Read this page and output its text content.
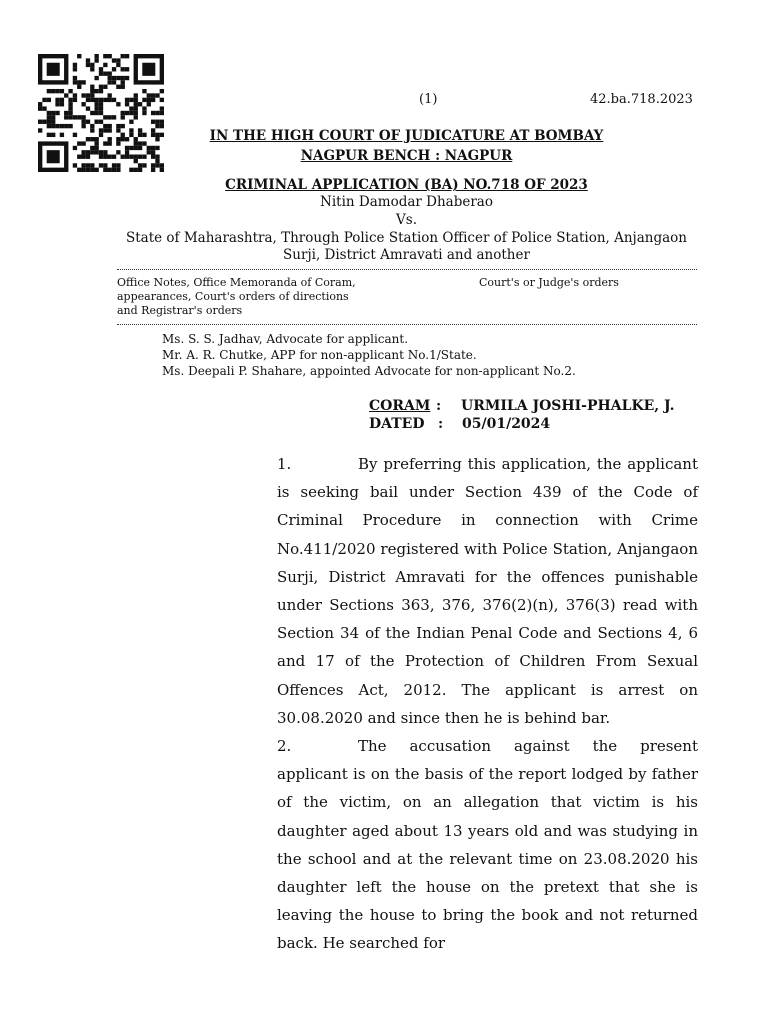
(1)	42.ba.718.2023
IN THE HIGH COURT OF JUDICATURE AT BOMBAY
NAGPUR BENCH : NAGPUR
CRIMINAL APPLICATION (BA) NO.718 OF 2023
Nitin Damodar Dhaberao
Vs.
State of Maharashtra, Through Police Station Officer of Police Station, Anjangaon
Surji, District Amravati and another
Office Notes, Office Memoranda of Coram,
appearances, Court's orders of directions
and Registrar's orders
Court's or Judge's orders
Ms. S. S. Jadhav, Advocate for applicant.
Mr. A. R. Chutke, APP for non-applicant No.1/State.
Ms. Deepali P. Shahare, appointed Advocate for non-applicant No.2.
CORAM : URMILA JOSHI-PHALKE, J.
DATED : 05/01/2024

1.	By preferring this application, the applicant is seeking bail under Section 439 of the Code of Criminal Procedure in connection with Crime No.411/2020 registered with Police Station, Anjangaon Surji, District Amravati for the offences punishable under Sections 363, 376, 376(2)(n), 376(3) read with Section 34 of the Indian Penal Code and Sections 4, 6 and 17 of the Protection of Children From Sexual Offences Act, 2012. The applicant is arrest on 30.08.2020 and since then he is behind bar.

2.	The accusation against the present applicant is on the basis of the report lodged by father of the victim, on an allegation that victim is his daughter aged about 13 years old and was studying in the school and at the relevant time on 23.08.2020 his daughter left the house on the pretext that she is leaving the house to bring the book and not returned back. He searched for
